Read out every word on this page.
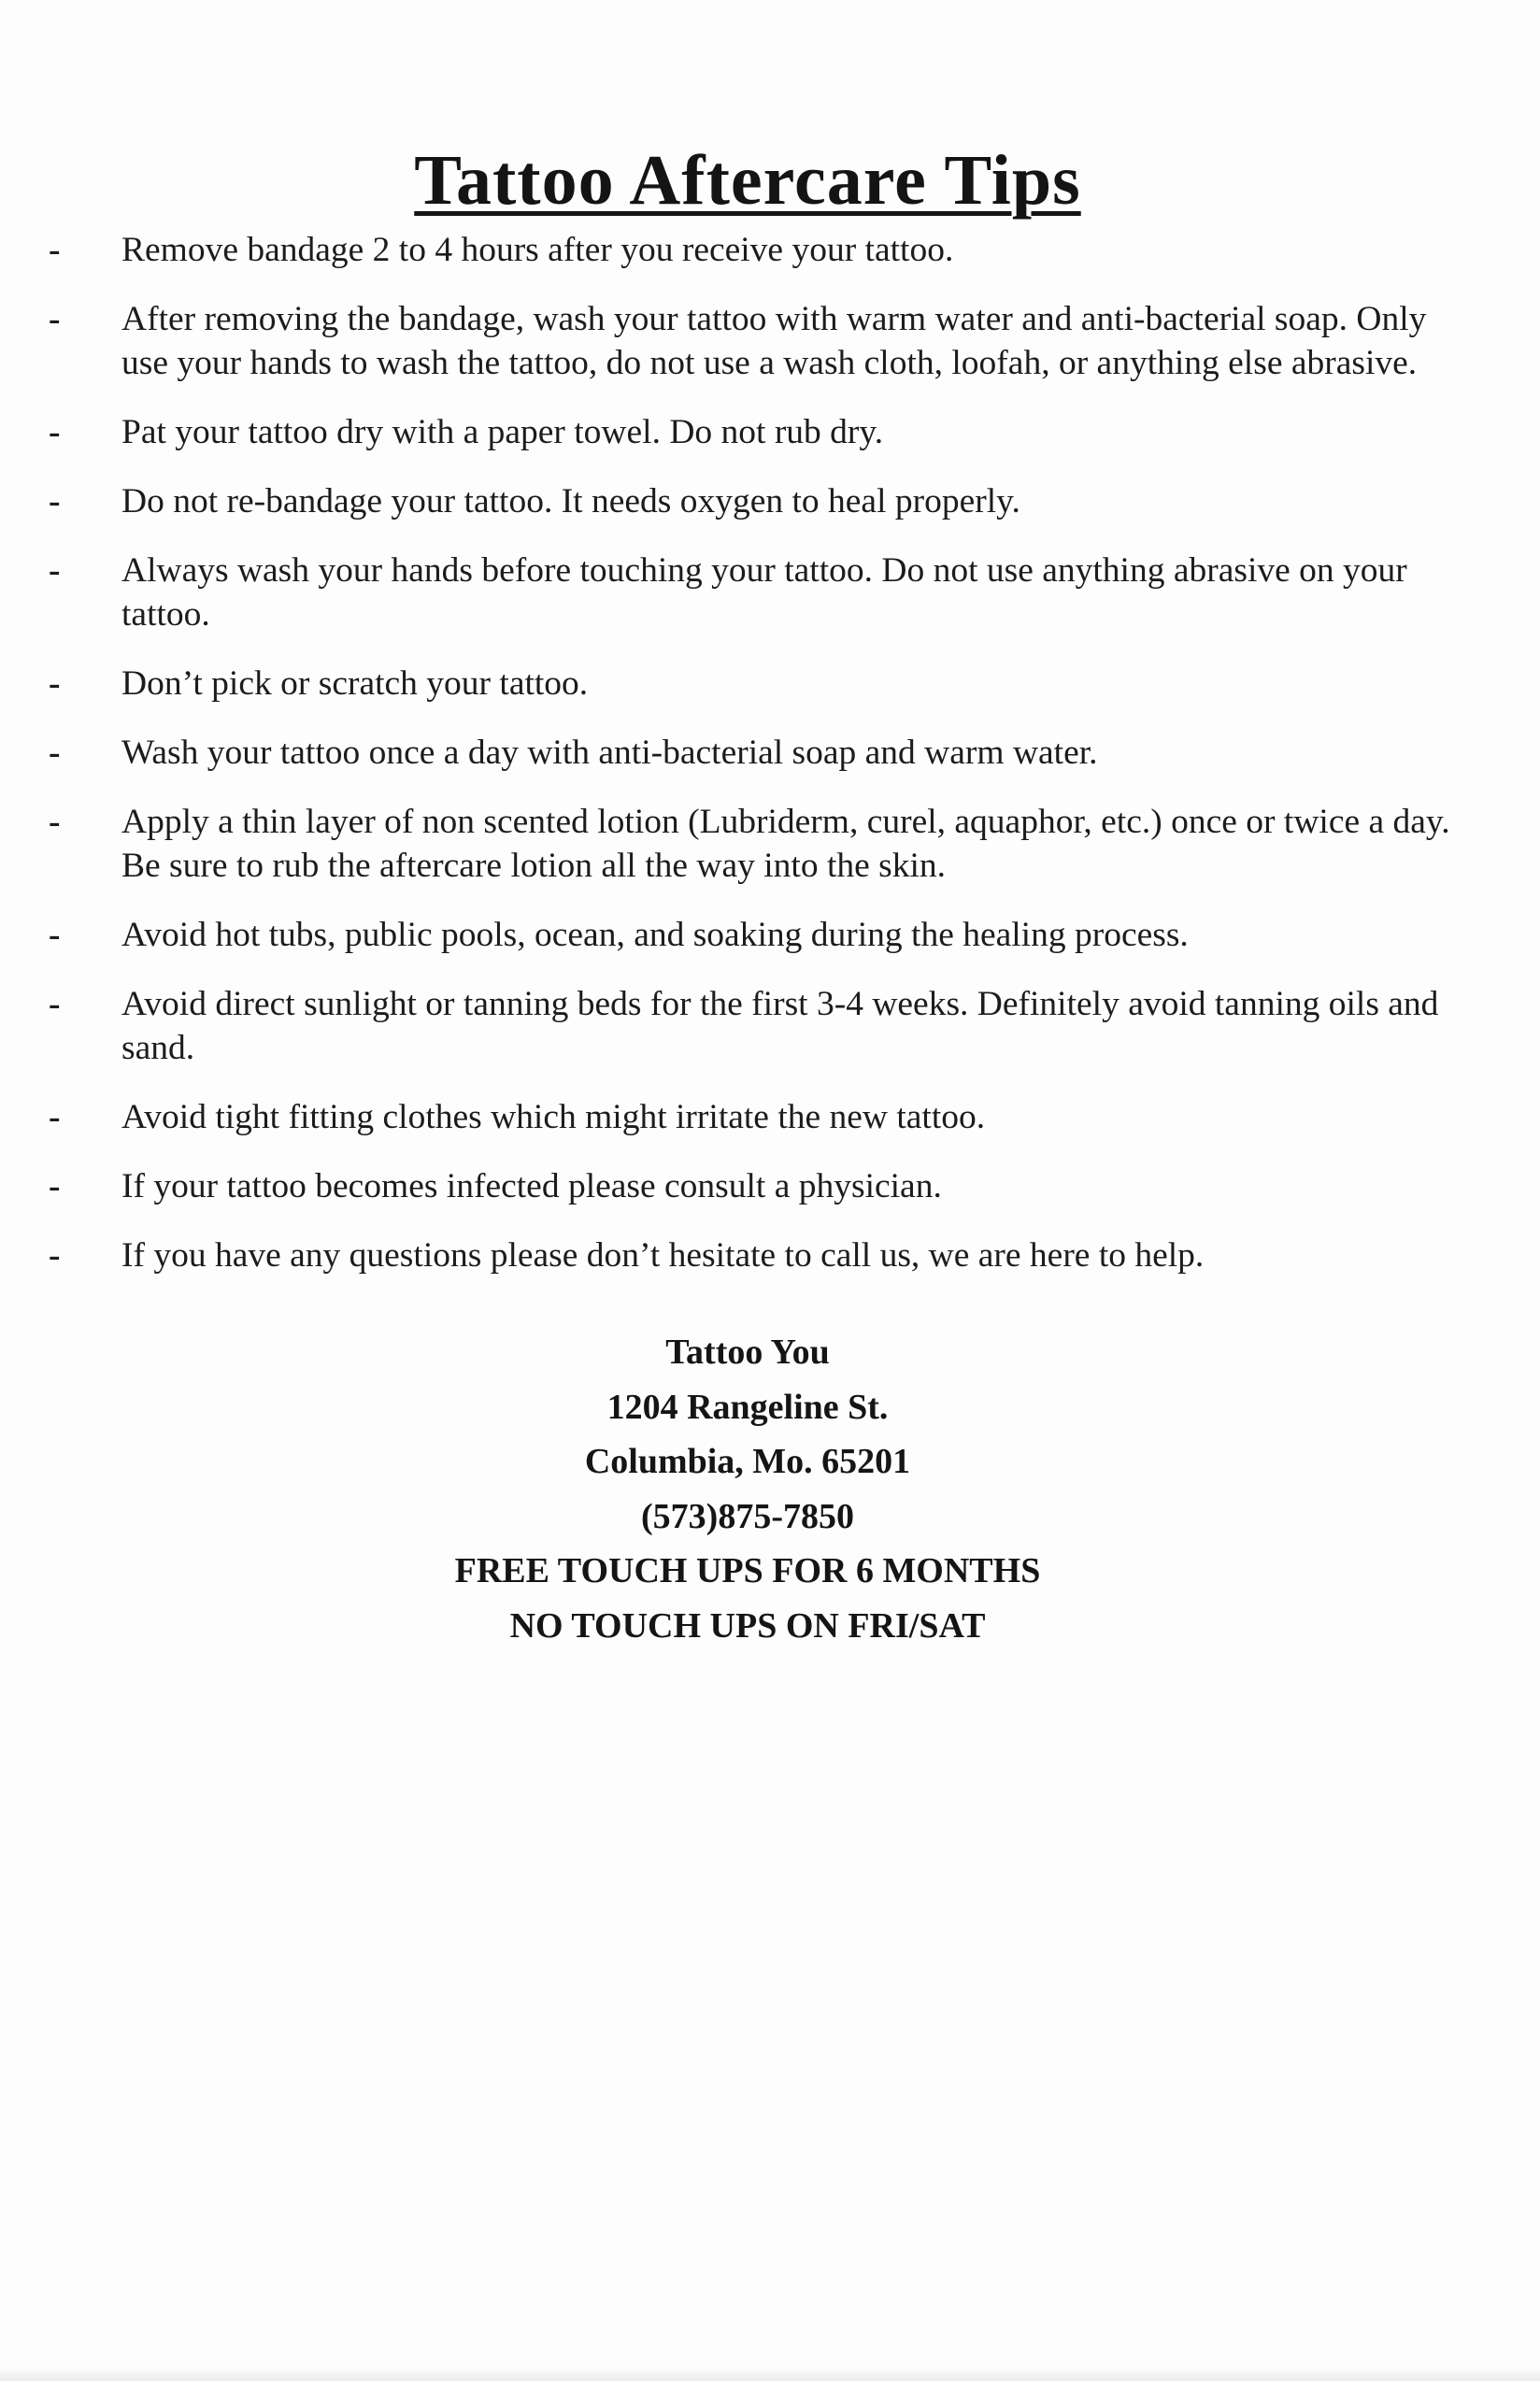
Tattoo Aftercare Tips
- Remove bandage 2 to 4 hours after you receive your tattoo.
- After removing the bandage, wash your tattoo with warm water and anti-bacterial soap. Only use your hands to wash the tattoo, do not use a wash cloth, loofah, or anything else abrasive.
- Pat your tattoo dry with a paper towel. Do not rub dry.
- Do not re-bandage your tattoo. It needs oxygen to heal properly.
- Always wash your hands before touching your tattoo. Do not use anything abrasive on your tattoo.
- Don’t pick or scratch your tattoo.
- Wash your tattoo once a day with anti-bacterial soap and warm water.
- Apply a thin layer of non scented lotion (Lubriderm, curel, aquaphor, etc.) once or twice a day. Be sure to rub the aftercare lotion all the way into the skin.
- Avoid hot tubs, public pools, ocean, and soaking during the healing process.
- Avoid direct sunlight or tanning beds for the first 3-4 weeks. Definitely avoid tanning oils and sand.
- Avoid tight fitting clothes which might irritate the new tattoo.
- If your tattoo becomes infected please consult a physician.
- If you have any questions please don’t hesitate to call us, we are here to help.
Tattoo You
1204 Rangeline St.
Columbia, Mo. 65201
(573)875-7850
FREE TOUCH UPS FOR 6 MONTHS
NO TOUCH UPS ON FRI/SAT
